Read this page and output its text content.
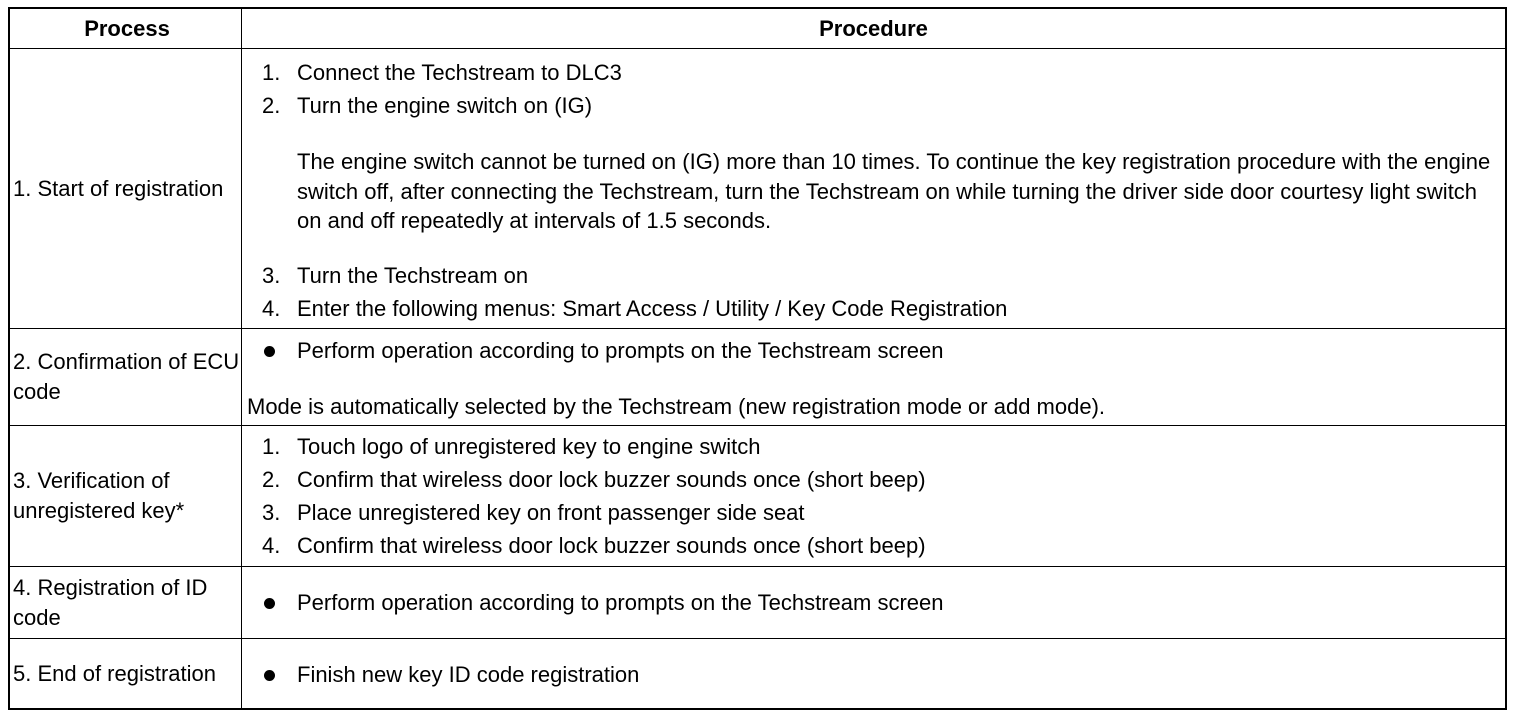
Process	Procedure
1. Start of registration
1. Connect the Techstream to DLC3
2. Turn the engine switch on (IG)
The engine switch cannot be turned on (IG) more than 10 times. To continue the key registration procedure with the engine switch off, after connecting the Techstream, turn the Techstream on while turning the driver side door courtesy light switch on and off repeatedly at intervals of 1.5 seconds.
3. Turn the Techstream on
4. Enter the following menus: Smart Access / Utility / Key Code Registration
2. Confirmation of ECU code
Perform operation according to prompts on the Techstream screen
Mode is automatically selected by the Techstream (new registration mode or add mode).
3. Verification of unregistered key*
1. Touch logo of unregistered key to engine switch
2. Confirm that wireless door lock buzzer sounds once (short beep)
3. Place unregistered key on front passenger side seat
4. Confirm that wireless door lock buzzer sounds once (short beep)
4. Registration of ID code
Perform operation according to prompts on the Techstream screen
5. End of registration	Finish new key ID code registration
